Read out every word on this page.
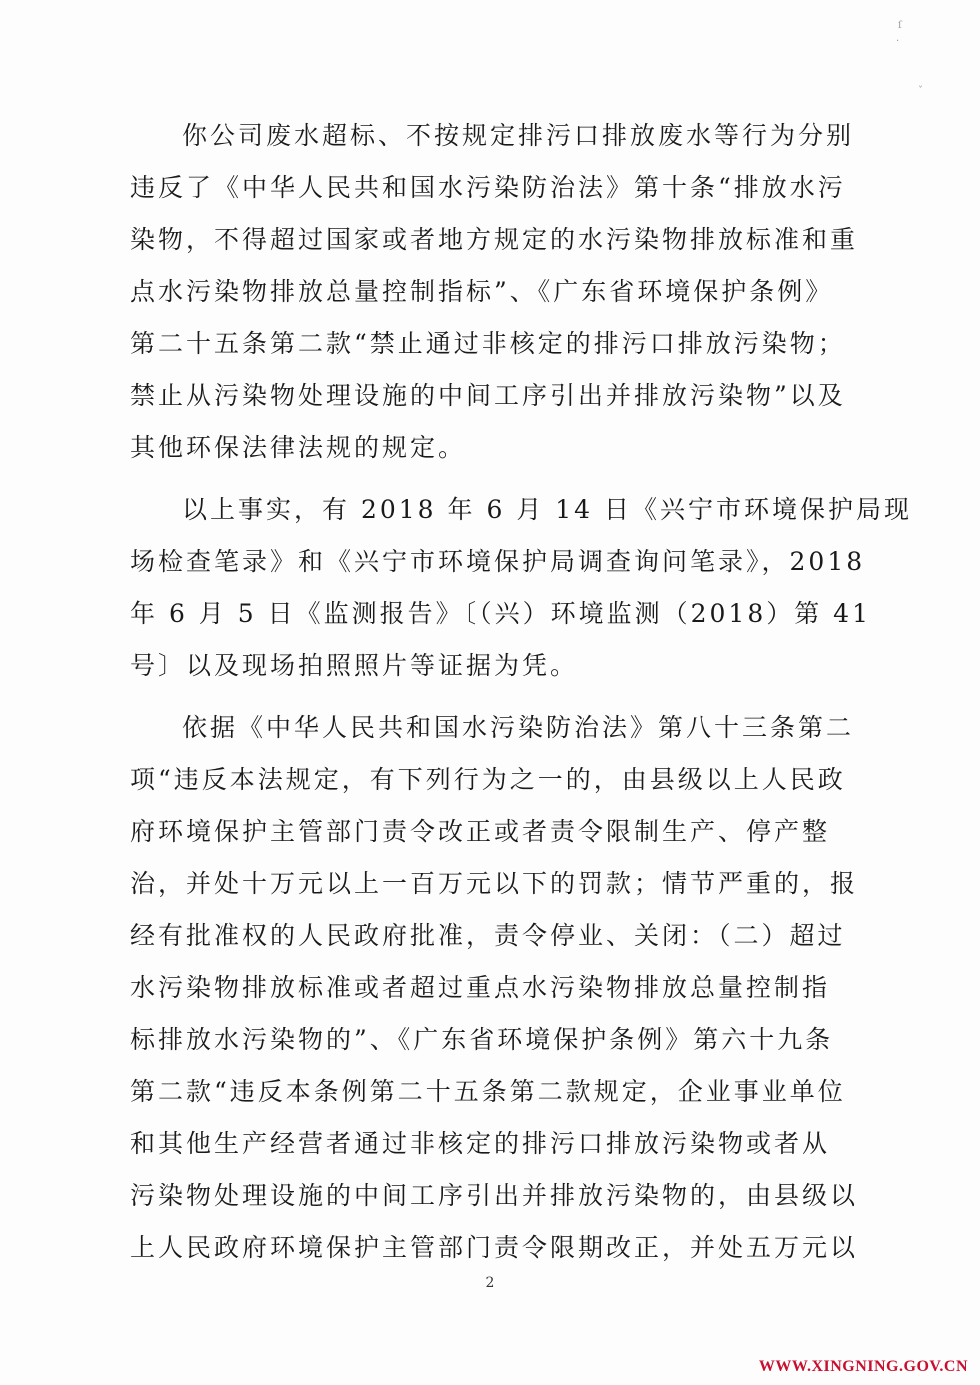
ſ
·
ˇ

你公司废水超标、不按规定排污口排放废水等行为分别
违反了《中华人民共和国水污染防治法》第十条“排放水污
染物，不得超过国家或者地方规定的水污染物排放标准和重
点水污染物排放总量控制指标”、《广东省环境保护条例》
第二十五条第二款“禁止通过非核定的排污口排放污染物；
禁止从污染物处理设施的中间工序引出并排放污染物”以及
其他环保法律法规的规定。

以上事实，有 2018 年 6 月 14 日《兴宁市环境保护局现
场检查笔录》和《兴宁市环境保护局调查询问笔录》，2018
年 6 月 5 日《监测报告》〔（兴）环境监测（2018）第 41
号〕以及现场拍照照片等证据为凭。

依据《中华人民共和国水污染防治法》第八十三条第二
项“违反本法规定，有下列行为之一的，由县级以上人民政
府环境保护主管部门责令改正或者责令限制生产、停产整
治，并处十万元以上一百万元以下的罚款；情节严重的，报
经有批准权的人民政府批准，责令停业、关闭：（二）超过
水污染物排放标准或者超过重点水污染物排放总量控制指
标排放水污染物的”、《广东省环境保护条例》第六十九条
第二款“违反本条例第二十五条第二款规定，企业事业单位
和其他生产经营者通过非核定的排污口排放污染物或者从
污染物处理设施的中间工序引出并排放污染物的，由县级以
上人民政府环境保护主管部门责令限期改正，并处五万元以

2
WWW.XINGNING.GOV.CN
